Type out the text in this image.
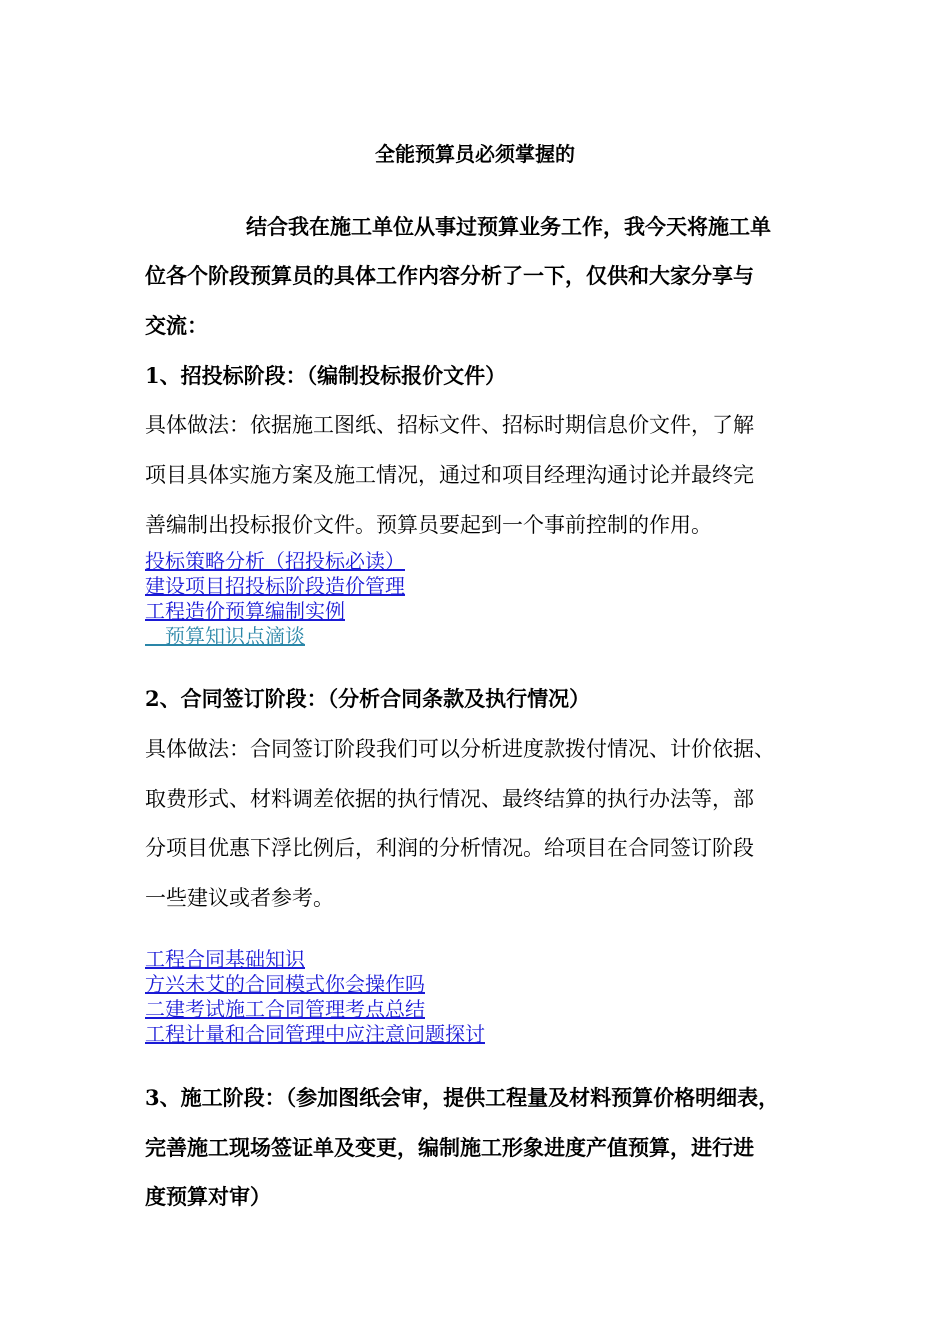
全能预算员必须掌握的
结合我在施工单位从事过预算业务工作，我今天将施工单
位各个阶段预算员的具体工作内容分析了一下，仅供和大家分享与
交流：
1、招投标阶段：（编制投标报价文件）
具体做法：依据施工图纸、招标文件、招标时期信息价文件，了解
项目具体实施方案及施工情况，通过和项目经理沟通讨论并最终完
善编制出投标报价文件。预算员要起到一个事前控制的作用。
投标策略分析（招投标必读）
建设项目招投标阶段造价管理
工程造价预算编制实例
　预算知识点滴谈
2、合同签订阶段：（分析合同条款及执行情况）
具体做法：合同签订阶段我们可以分析进度款拨付情况、计价依据、
取费形式、材料调差依据的执行情况、最终结算的执行办法等，部
分项目优惠下浮比例后，利润的分析情况。给项目在合同签订阶段
一些建议或者参考。
工程合同基础知识
方兴未艾的合同模式你会操作吗
二建考试施工合同管理考点总结
工程计量和合同管理中应注意问题探讨
3、施工阶段：（参加图纸会审，提供工程量及材料预算价格明细表，
完善施工现场签证单及变更，编制施工形象进度产值预算，进行进
度预算对审）
